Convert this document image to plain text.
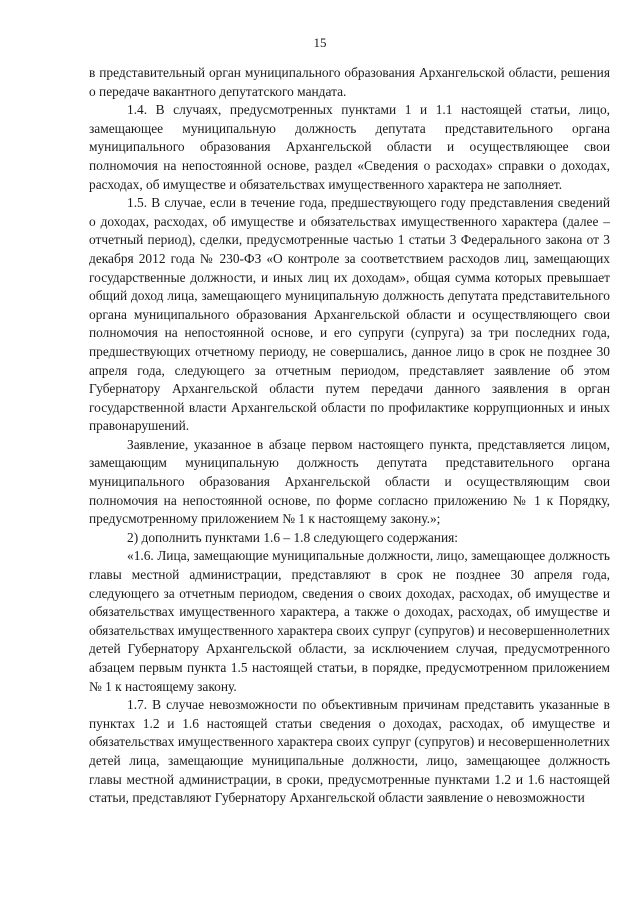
15

в представительный орган муниципального образования Архангельской области, решения о передаче вакантного депутатского мандата.

1.4. В случаях, предусмотренных пунктами 1 и 1.1 настоящей статьи, лицо, замещающее муниципальную должность депутата представительного органа муниципального образования Архангельской области и осуществляющее свои полномочия на непостоянной основе, раздел «Сведения о расходах» справки о доходах, расходах, об имуществе и обязательствах имущественного характера не заполняет.

1.5. В случае, если в течение года, предшествующего году представления сведений о доходах, расходах, об имуществе и обязательствах имущественного характера (далее – отчетный период), сделки, предусмотренные частью 1 статьи 3 Федерального закона от 3 декабря 2012 года № 230-ФЗ «О контроле за соответствием расходов лиц, замещающих государственные должности, и иных лиц их доходам», общая сумма которых превышает общий доход лица, замещающего муниципальную должность депутата представительного органа муниципального образования Архангельской области и осуществляющего свои полномочия на непостоянной основе, и его супруги (супруга) за три последних года, предшествующих отчетному периоду, не совершались, данное лицо в срок не позднее 30 апреля года, следующего за отчетным периодом, представляет заявление об этом Губернатору Архангельской области путем передачи данного заявления в орган государственной власти Архангельской области по профилактике коррупционных и иных правонарушений.

Заявление, указанное в абзаце первом настоящего пункта, представляется лицом, замещающим муниципальную должность депутата представительного органа муниципального образования Архангельской области и осуществляющим свои полномочия на непостоянной основе, по форме согласно приложению № 1 к Порядку, предусмотренному приложением № 1 к настоящему закону.»;

2) дополнить пунктами 1.6 – 1.8 следующего содержания:

«1.6. Лица, замещающие муниципальные должности, лицо, замещающее должность главы местной администрации, представляют в срок не позднее 30 апреля года, следующего за отчетным периодом, сведения о своих доходах, расходах, об имуществе и обязательствах имущественного характера, а также о доходах, расходах, об имуществе и обязательствах имущественного характера своих супруг (супругов) и несовершеннолетних детей Губернатору Архангельской области, за исключением случая, предусмотренного абзацем первым пункта 1.5 настоящей статьи, в порядке, предусмотренном приложением № 1 к настоящему закону.

1.7. В случае невозможности по объективным причинам представить указанные в пунктах 1.2 и 1.6 настоящей статьи сведения о доходах, расходах, об имуществе и обязательствах имущественного характера своих супруг (супругов) и несовершеннолетних детей лица, замещающие муниципальные должности, лицо, замещающее должность главы местной администрации, в сроки, предусмотренные пунктами 1.2 и 1.6 настоящей статьи, представляют Губернатору Архангельской области заявление о невозможности
